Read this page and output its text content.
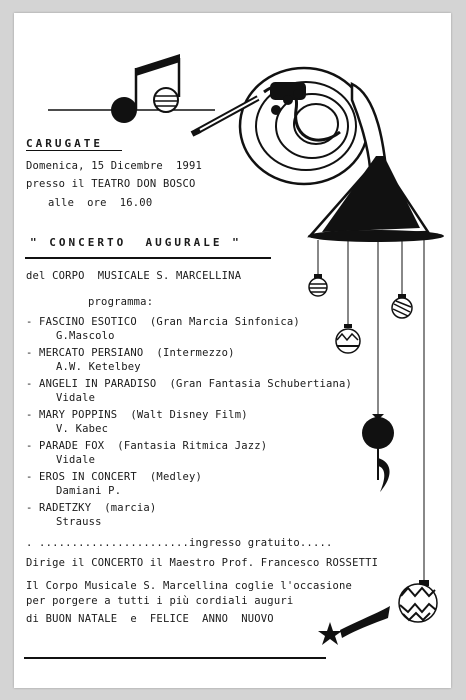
CARUGATE
Domenica, 15 Dicembre  1991
presso il TEATRO DON BOSCO
alle  ore  16.00
" CONCERTO  AUGURALE "
del CORPO  MUSICALE S. MARCELLINA
programma:
- FASCINO ESOTICO  (Gran Marcia Sinfonica)
G.Mascolo
- MERCATO PERSIANO  (Intermezzo)
A.W. Ketelbey
- ANGELI IN PARADISO  (Gran Fantasia Schubertiana)
Vidale
- MARY POPPINS  (Walt Disney Film)
V. Kabec
- PARADE FOX  (Fantasia Ritmica Jazz)
Vidale
- EROS IN CONCERT  (Medley)
Damiani P.
- RADETZKY  (marcia)
Strauss
. .......................ingresso gratuito.....
Dirige il CONCERTO il Maestro Prof. Francesco ROSSETTI
Il Corpo Musicale S. Marcellina coglie l'occasione
per porgere a tutti i più cordiali auguri
di BUON NATALE  e  FELICE  ANNO  NUOVO
